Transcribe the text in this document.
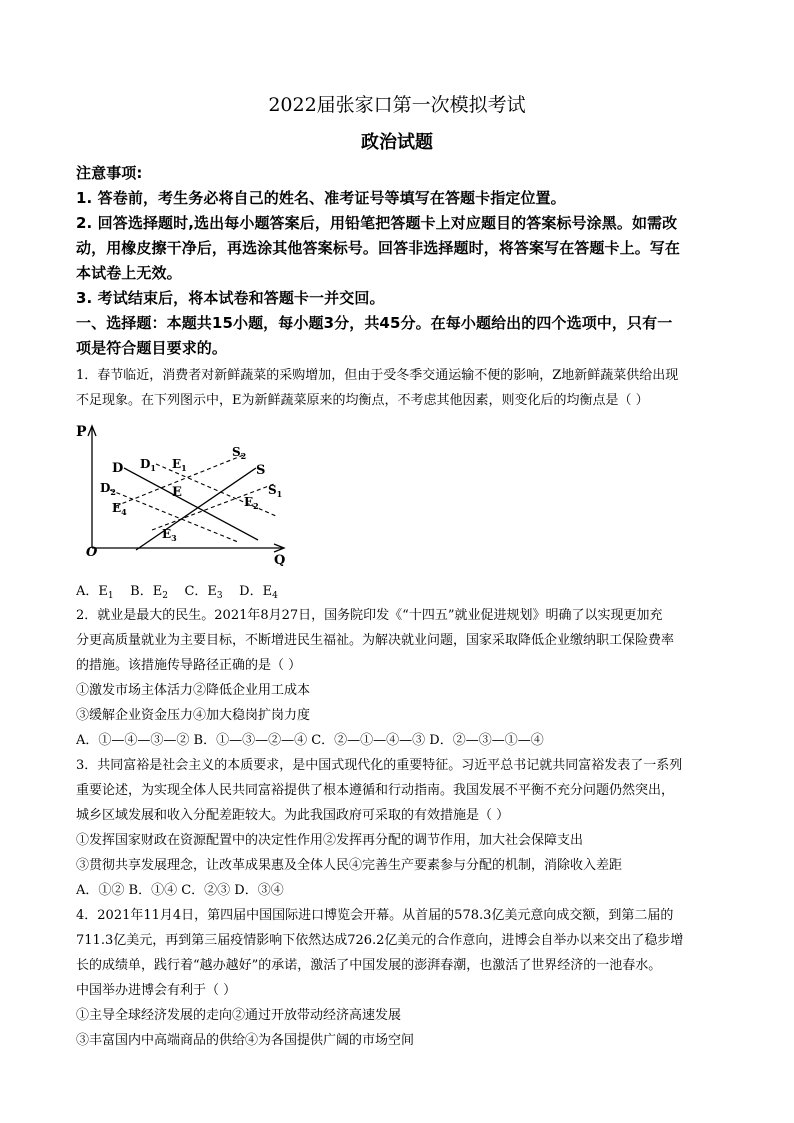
2022届张家口第一次模拟考试
政治试题
注意事项:
1. 答卷前，考生务必将自己的姓名、准考证号等填写在答题卡指定位置。
2. 回答选择题时,选出每小题答案后，用铅笔把答题卡上对应题目的答案标号涂黑。如需改
动，用橡皮擦干净后，再选涂其他答案标号。回答非选择题时，将答案写在答题卡上。写在
本试卷上无效。
3. 考试结束后，将本试卷和答题卡一并交回。
一、选择题：本题共15小题，每小题3分，共45分。在每小题给出的四个选项中，只有一
项是符合题目要求的。
1．春节临近，消费者对新鲜蔬菜的采购增加，但由于受冬季交通运输不便的影响，Z地新鲜蔬菜供给出现
不足现象。在下列图示中，E为新鲜蔬菜原来的均衡点，不考虑其他因素，则变化后的均衡点是（ ）
P
Q
O
D $D_1$
$D_2$
S
$S_1$
$S_2$
E
$E_1$
$E_2$
$E_3$
$E_4$
A．$E_1$ B．$E_2$ C．$E_3$ D．$E_4$
2．就业是最大的民生。2021年8月27日，国务院印发《“十四五”就业促进规划》明确了以实现更加充
分更高质量就业为主要目标，不断增进民生福祉。为解决就业问题，国家采取降低企业缴纳职工保险费率
的措施。该措施传导路径正确的是（ ）
①激发市场主体活力②降低企业用工成本
③缓解企业资金压力④加大稳岗扩岗力度
A．①—④—③—② B．①—③—②—④ C．②—①—④—③ D．②—③—①—④
3．共同富裕是社会主义的本质要求，是中国式现代化的重要特征。习近平总书记就共同富裕发表了一系列
重要论述，为实现全体人民共同富裕提供了根本遵循和行动指南。我国发展不平衡不充分问题仍然突出，
城乡区域发展和收入分配差距较大。为此我国政府可采取的有效措施是（ ）
①发挥国家财政在资源配置中的决定性作用②发挥再分配的调节作用，加大社会保障支出
③贯彻共享发展理念，让改革成果惠及全体人民④完善生产要素参与分配的机制，消除收入差距
A．①② B．①④ C．②③ D．③④
4．2021年11月4日，第四届中国国际进口博览会开幕。从首届的578.3亿美元意向成交额，到第二届的
711.3亿美元，再到第三届疫情影响下依然达成726.2亿美元的合作意向，进博会自举办以来交出了稳步增
长的成绩单，践行着“越办越好”的承诺，激活了中国发展的澎湃春潮，也激活了世界经济的一池春水。
中国举办进博会有利于（ ）
①主导全球经济发展的走向②通过开放带动经济高速发展
③丰富国内中高端商品的供给④为各国提供广阔的市场空间
